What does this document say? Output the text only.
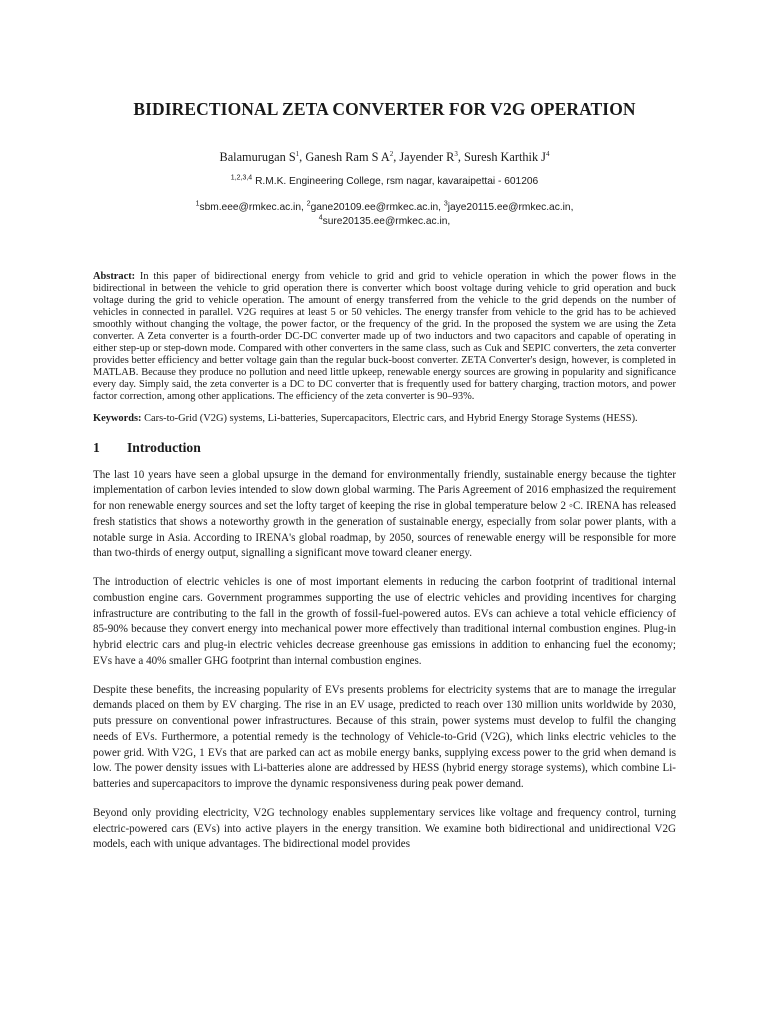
BIDIRECTIONAL ZETA CONVERTER FOR V2G OPERATION
Balamurugan $S^1$, Ganesh Ram S $A^2$, Jayender $R^3$, Suresh Karthik $J^4$
$^{1,2,3,4}$ R.M.K. Engineering College, rsm nagar, kavaraipettai - 601206
$^1$sbm.eee@rmkec.ac.in, $^2$gane20109.ee@rmkec.ac.in, $^3$jaye20115.ee@rmkec.ac.in,
$^4$sure20135.ee@rmkec.ac.in,
Abstract: In this paper of bidirectional energy from vehicle to grid and grid to vehicle operation in which the power flows in the bidirectional in between the vehicle to grid operation there is converter which boost voltage during vehicle to grid operation and buck voltage during the grid to vehicle operation. The amount of energy transferred from the vehicle to the grid depends on the number of vehicles in connected in parallel. V2G requires at least 5 or 50 vehicles. The energy transfer from vehicle to the grid has to be achieved smoothly without changing the voltage, the power factor, or the frequency of the grid. In the proposed the system we are using the Zeta converter. A Zeta converter is a fourth-order DC-DC converter made up of two inductors and two capacitors and capable of operating in either step-up or step-down mode. Compared with other converters in the same class, such as Cuk and SEPIC converters, the zeta converter provides better efficiency and better voltage gain than the regular buck-boost converter. ZETA Converter's design, however, is completed in MATLAB. Because they produce no pollution and need little upkeep, renewable energy sources are growing in popularity and significance every day. Simply said, the zeta converter is a DC to DC converter that is frequently used for battery charging, traction motors, and power factor correction, among other applications. The efficiency of the zeta converter is 90–93%.
Keywords: Cars-to-Grid (V2G) systems, Li-batteries, Supercapacitors, Electric cars, and Hybrid Energy Storage Systems (HESS).
1	Introduction

The last 10 years have seen a global upsurge in the demand for environmentally friendly, sustainable energy because the tighter implementation of carbon levies intended to slow down global warming. The Paris Agreement of 2016 emphasized the requirement for non renewable energy sources and set the lofty target of keeping the rise in global temperature below 2 ◦C. IRENA has released fresh statistics that shows a noteworthy growth in the generation of sustainable energy, especially from solar power plants, with a notable surge in Asia. According to IRENA's global roadmap, by 2050, sources of renewable energy will be responsible for more than two-thirds of energy output, signalling a significant move toward cleaner energy.

The introduction of electric vehicles is one of most important elements in reducing the carbon footprint of traditional internal combustion engine cars. Government programmes supporting the use of electric vehicles and providing incentives for charging infrastructure are contributing to the fall in the growth of fossil-fuel-powered autos. EVs can achieve a total vehicle efficiency of 85-90% because they convert energy into mechanical power more effectively than traditional internal combustion engines. Plug-in hybrid electric cars and plug-in electric vehicles decrease greenhouse gas emissions in addition to enhancing fuel the economy; EVs have a 40% smaller GHG footprint than internal combustion engines.

Despite these benefits, the increasing popularity of EVs presents problems for electricity systems that are to manage the irregular demands placed on them by EV charging. The rise in an EV usage, predicted to reach over 130 million units worldwide by 2030, puts pressure on conventional power infrastructures. Because of this strain, power systems must develop to fulfil the changing needs of EVs. Furthermore, a potential remedy is the technology of Vehicle-to-Grid (V2G), which links electric vehicles to the power grid. With V2G, 1 EVs that are parked can act as mobile energy banks, supplying excess power to the grid when demand is low. The power density issues with Li-batteries alone are addressed by HESS (hybrid energy storage systems), which combine Li-batteries and supercapacitors to improve the dynamic responsiveness during peak power demand.

Beyond only providing electricity, V2G technology enables supplementary services like voltage and frequency control, turning electric-powered cars (EVs) into active players in the energy transition. We examine both bidirectional and unidirectional V2G models, each with unique advantages. The bidirectional model provides
